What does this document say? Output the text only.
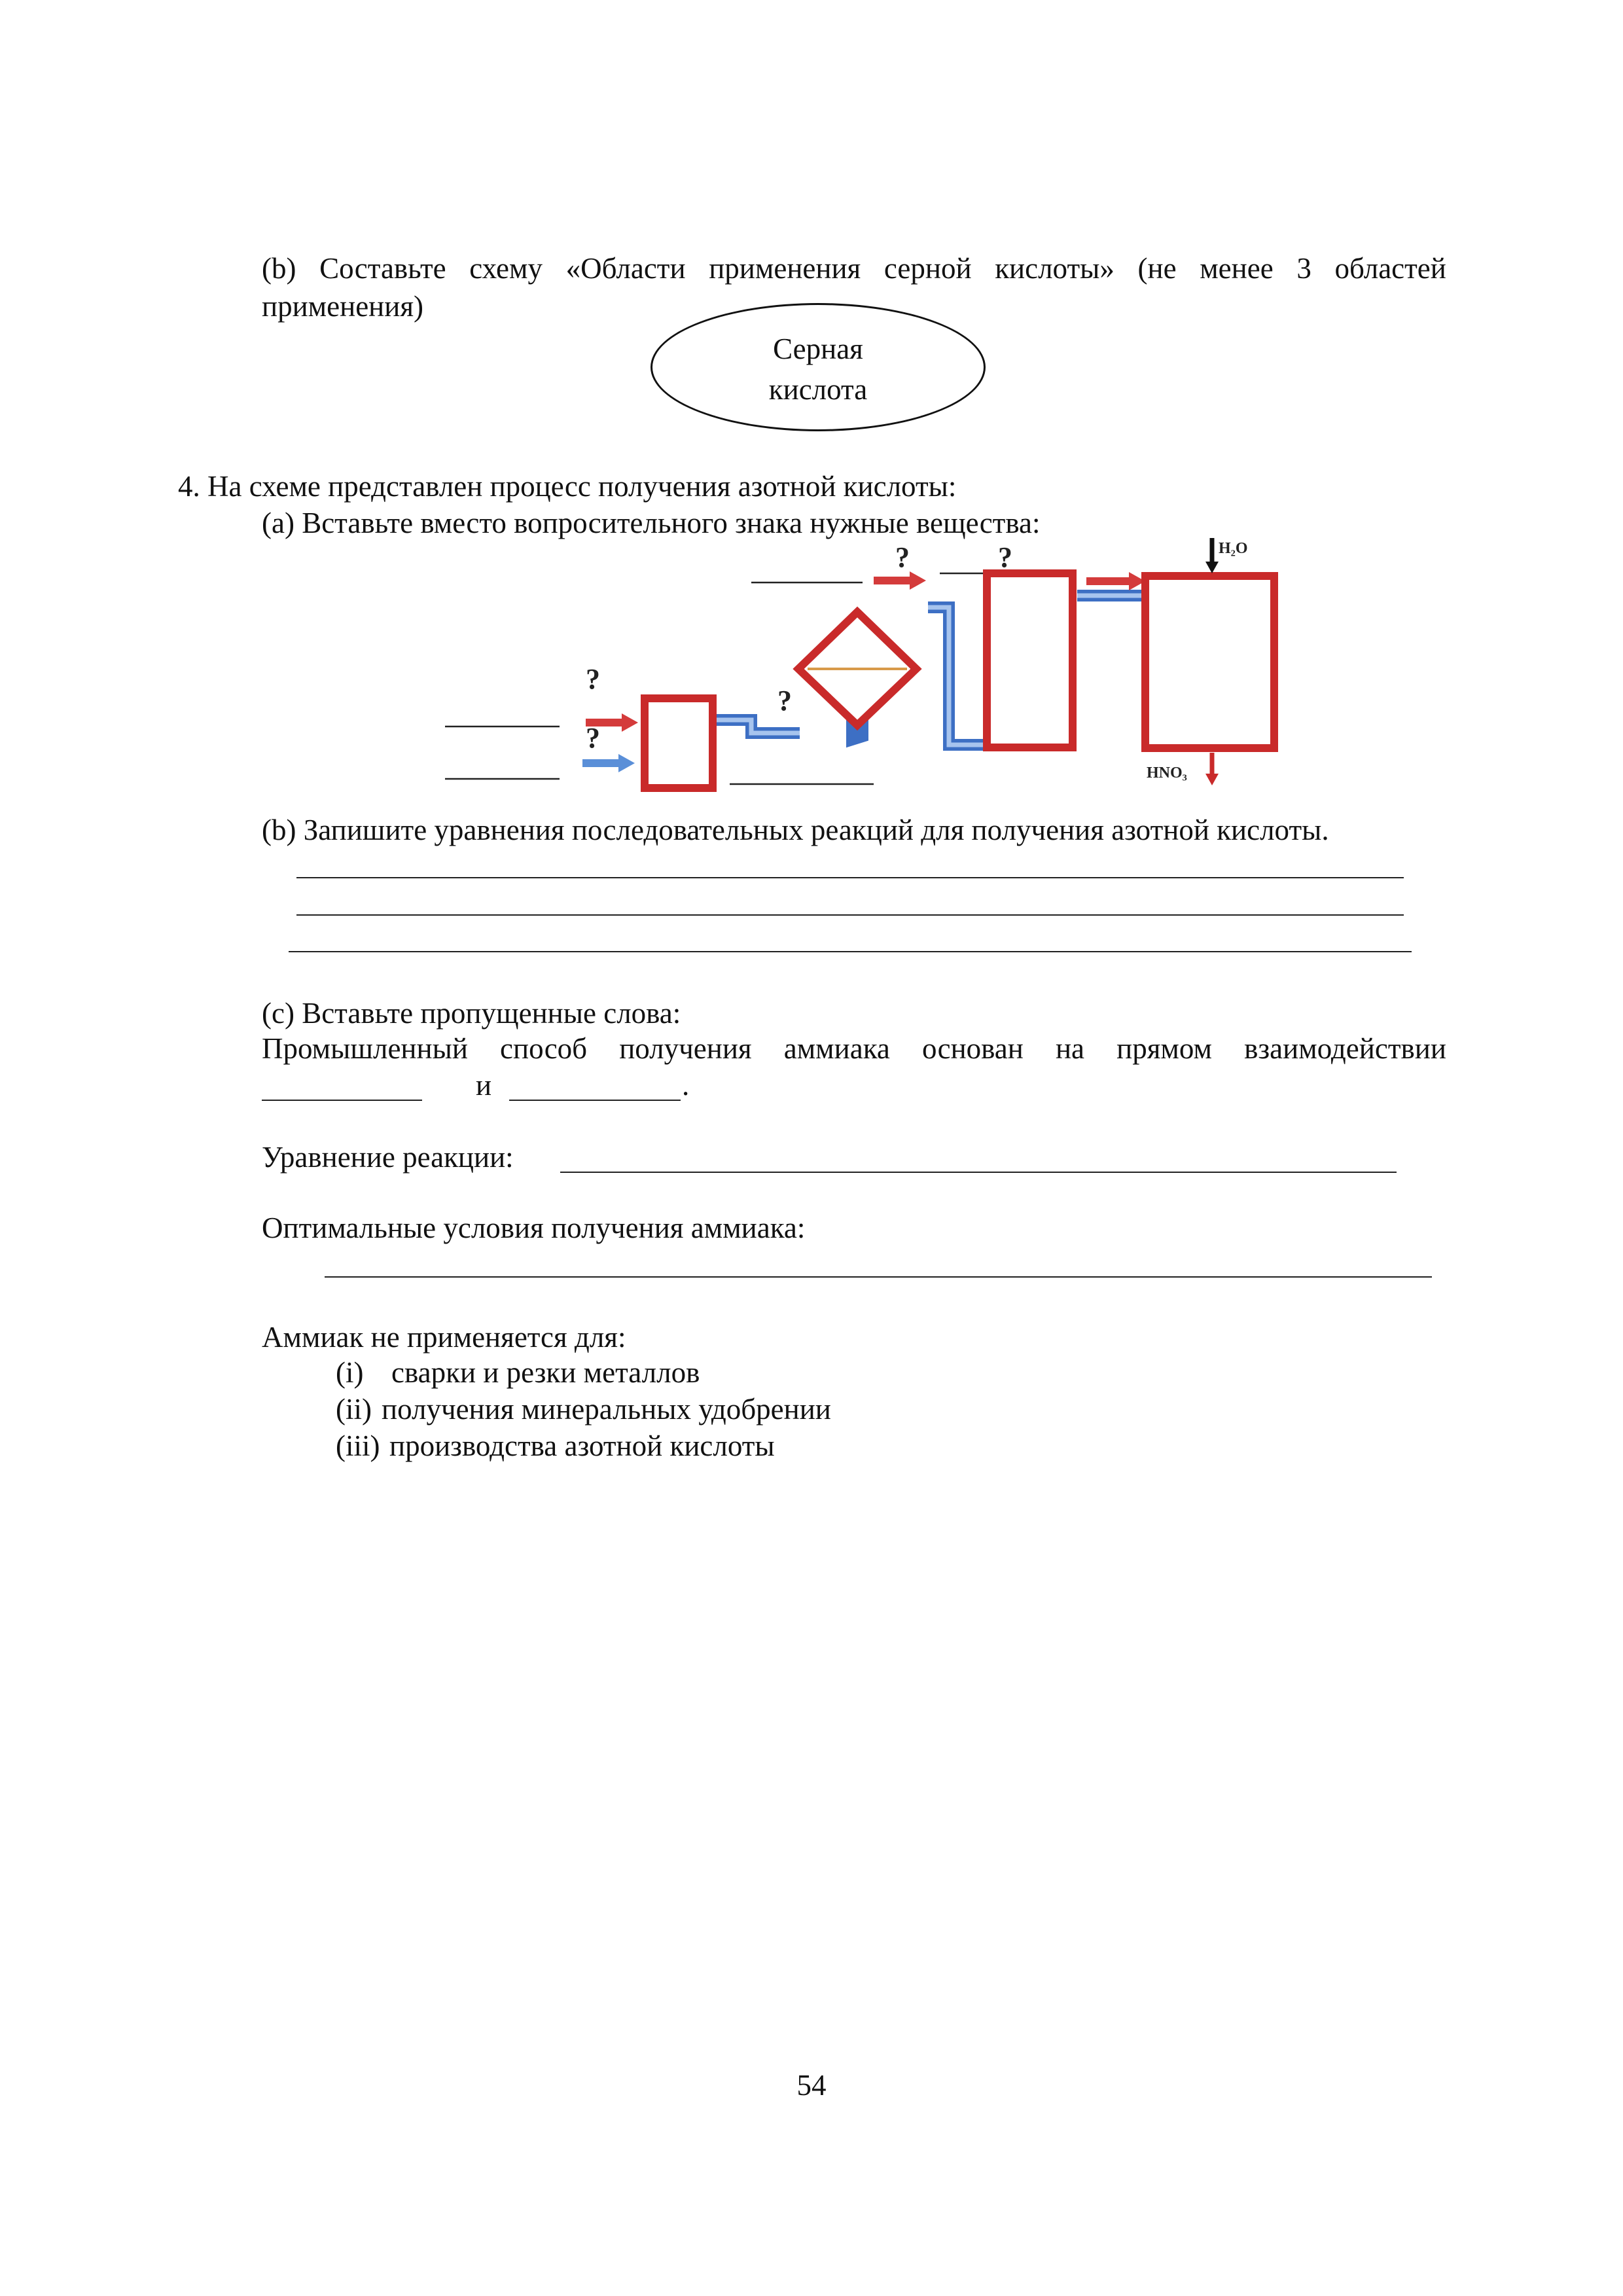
(b) Составьте схему «Области применения серной кислоты» (не менее 3 областей
применения)
Серная
кислота
4. На схеме представлен процесс получения азотной кислоты:
(а) Вставьте вместо вопросительного знака нужные вещества:
?
?
?
?	?	H₂O
HNO₃
(b) Запишите уравнения последовательных реакций для получения азотной кислоты.
(c) Вставьте пропущенные слова:
Промышленный способ получения аммиака основан на прямом взаимодействии
и	.
Уравнение реакции:
Оптимальные условия получения аммиака:
Аммиак не применяется для:
(i) сварки и резки металлов
(ii) получения минеральных удобрении
(iii) производства азотной кислоты
54
